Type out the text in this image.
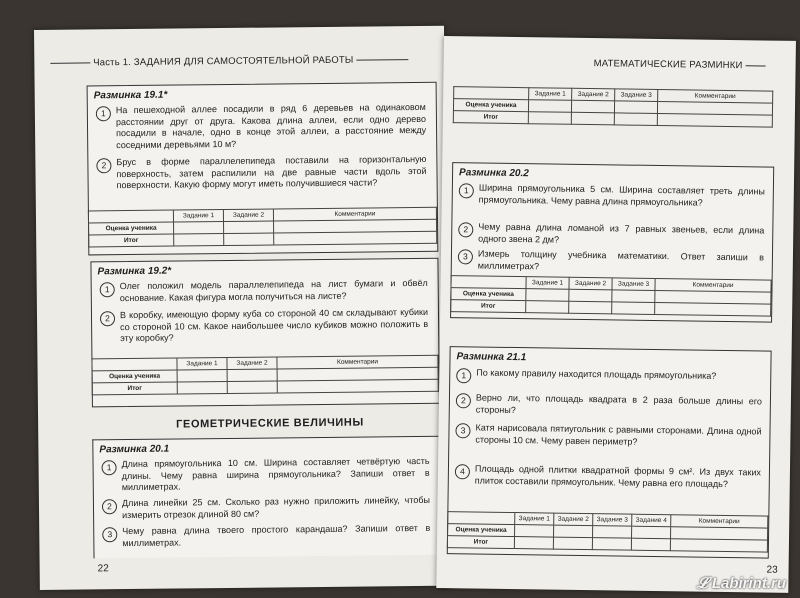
Часть 1. ЗАДАНИЯ ДЛЯ САМОСТОЯТЕЛЬНОЙ РАБОТЫ
Разминка 19.1*
1	На пешеходной аллее посадили в ряд 6 деревьев на одинаковом расстоянии друг от друга. Какова длина аллеи, если одно дерево посадили в начале, одно в конце этой аллеи, а расстояние между соседними деревьями 10 м?
2	Брус в форме параллелепипеда поставили на горизонтальную поверхность, затем распилили на две равные части вдоль этой поверхности. Какую форму могут иметь получившиеся части?
	Задание 1	Задание 2	Комментарии
Оценка ученика			
Итог			
Разминка 19.2*
1	Олег положил модель параллелепипеда на лист бумаги и обвёл основание. Какая фигура могла получиться на листе?
2	В коробку, имеющую форму куба со стороной 40 см складывают кубики со стороной 10 см. Какое наибольшее число кубиков можно положить в эту коробку?
	Задание 1	Задание 2	Комментарии
Оценка ученика			
Итог			
ГЕОМЕТРИЧЕСКИЕ ВЕЛИЧИНЫ
Разминка 20.1
1	Длина прямоугольника 10 см. Ширина составляет четвёртую часть длины. Чему равна ширина прямоугольника? Запиши ответ в миллиметрах.
2	Длина линейки 25 см. Сколько раз нужно приложить линейку, чтобы измерить отрезок длиной 80 см?
3	Чему равна длина твоего простого карандаша? Запиши ответ в миллиметрах.
22
МАТЕМАТИЧЕСКИЕ РАЗМИНКИ
	Задание 1	Задание 2	Задание 3	Комментарии
Оценка ученика				
Итог				
Разминка 20.2
1	Ширина прямоугольника 5 см. Ширина составляет треть длины прямоугольника. Чему равна длина прямоугольника?
2	Чему равна длина ломаной из 7 равных звеньев, если длина одного звена 2 дм?
3	Измерь толщину учебника математики. Ответ запиши в миллиметрах?
	Задание 1	Задание 2	Задание 3	Комментарии
Оценка ученика				
Итог				
Разминка 21.1
1	По какому правилу находится площадь прямоугольника?
2	Верно ли, что площадь квадрата в 2 раза больше длины его стороны?
3	Катя нарисовала пятиугольник с равными сторонами. Длина одной стороны 10 см. Чему равен периметр?
4	Площадь одной плитки квадратной формы 9 см². Из двух таких плиток составили прямоугольник. Чему равна его площадь?
	Задание 1	Задание 2	Задание 3	Задание 4	Комментарии
Оценка ученика					
Итог					
23
𝓛 Labirint.ru
